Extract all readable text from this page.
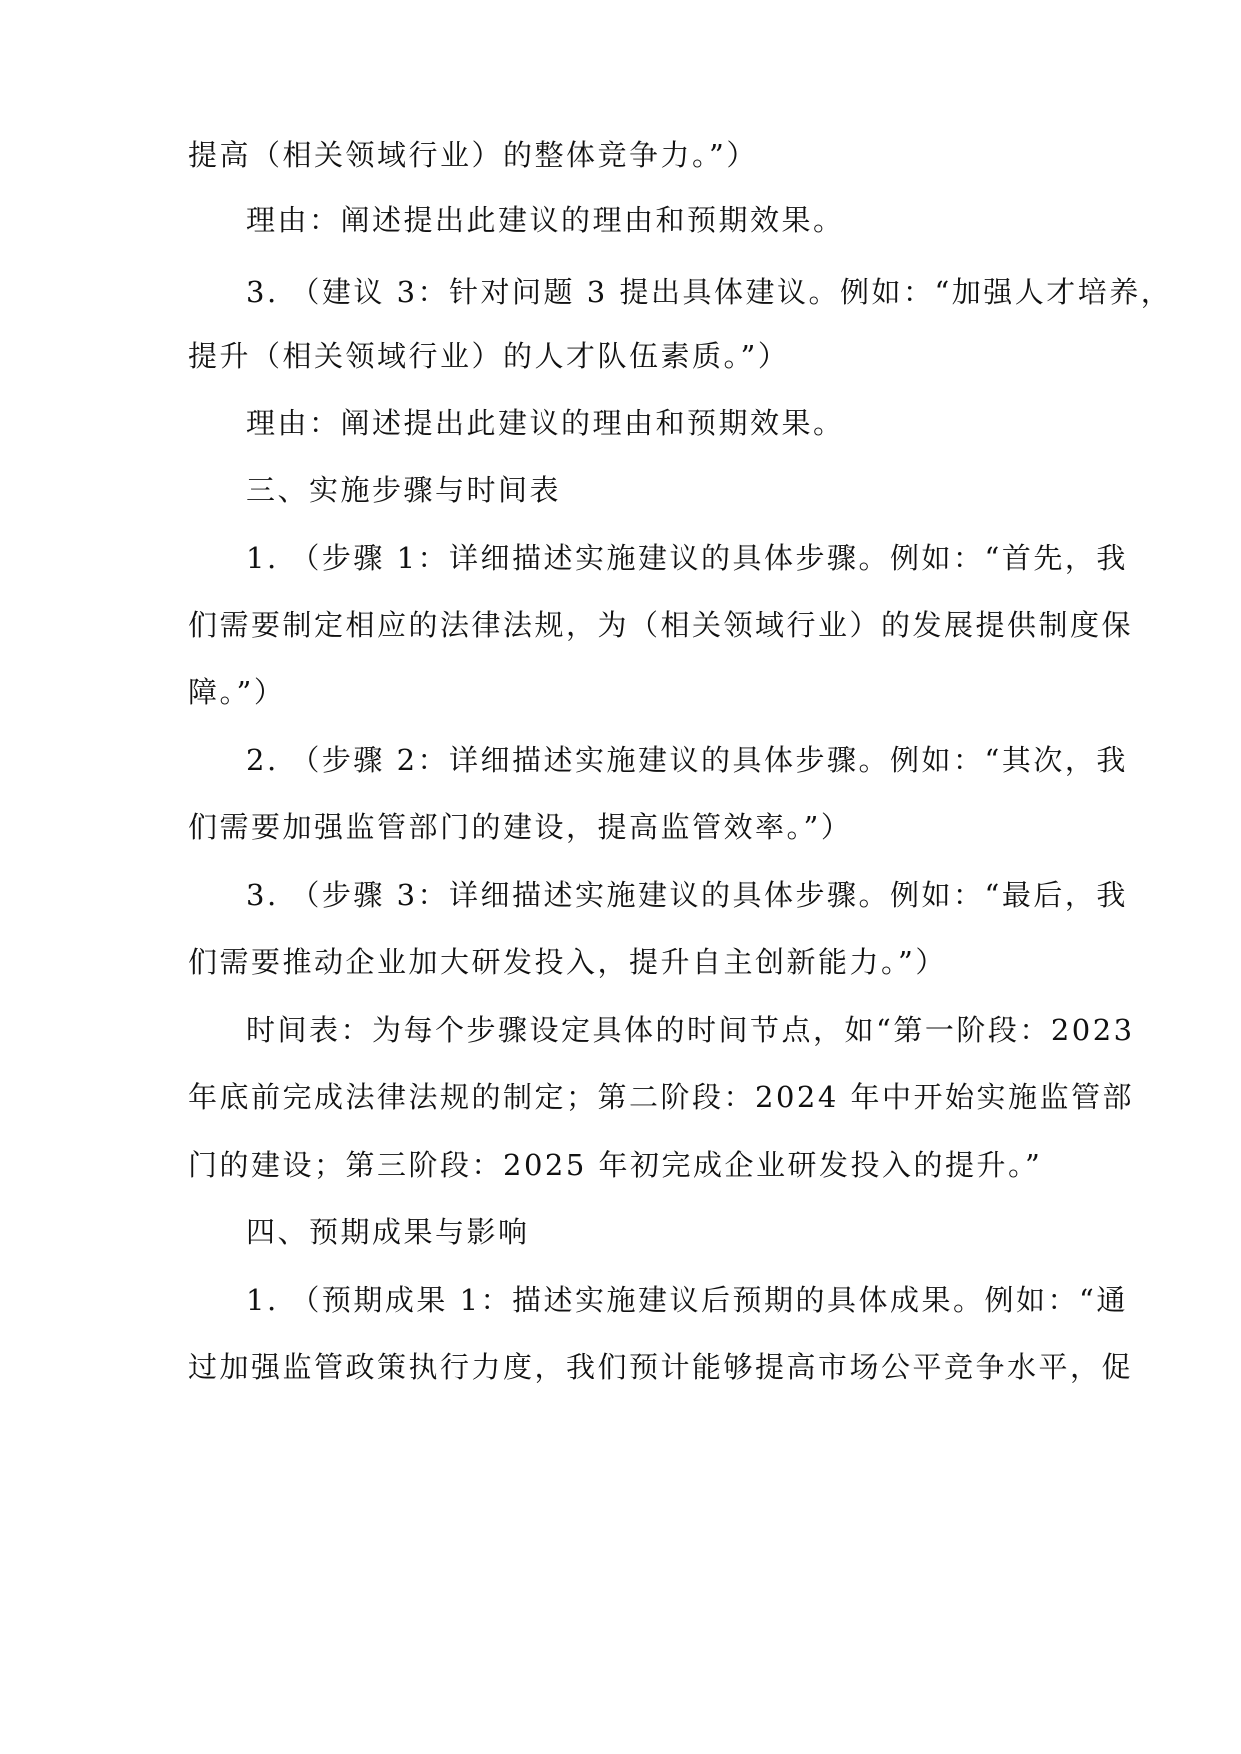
提高（相关领域行业）的整体竞争力。”）
理由：阐述提出此建议的理由和预期效果。
3. （建议 3：针对问题 3 提出具体建议。例如：“加强人才培养，
提升（相关领域行业）的人才队伍素质。”）
理由：阐述提出此建议的理由和预期效果。
三、实施步骤与时间表
1. （步骤 1：详细描述实施建议的具体步骤。例如：“首先，我
们需要制定相应的法律法规，为（相关领域行业）的发展提供制度保
障。”）
2. （步骤 2：详细描述实施建议的具体步骤。例如：“其次，我
们需要加强监管部门的建设，提高监管效率。”）
3. （步骤 3：详细描述实施建议的具体步骤。例如：“最后，我
们需要推动企业加大研发投入，提升自主创新能力。”）
时间表：为每个步骤设定具体的时间节点，如“第一阶段：2023
年底前完成法律法规的制定；第二阶段：2024 年中开始实施监管部
门的建设；第三阶段：2025 年初完成企业研发投入的提升。”
四、预期成果与影响
1. （预期成果 1：描述实施建议后预期的具体成果。例如：“通
过加强监管政策执行力度，我们预计能够提高市场公平竞争水平，促
